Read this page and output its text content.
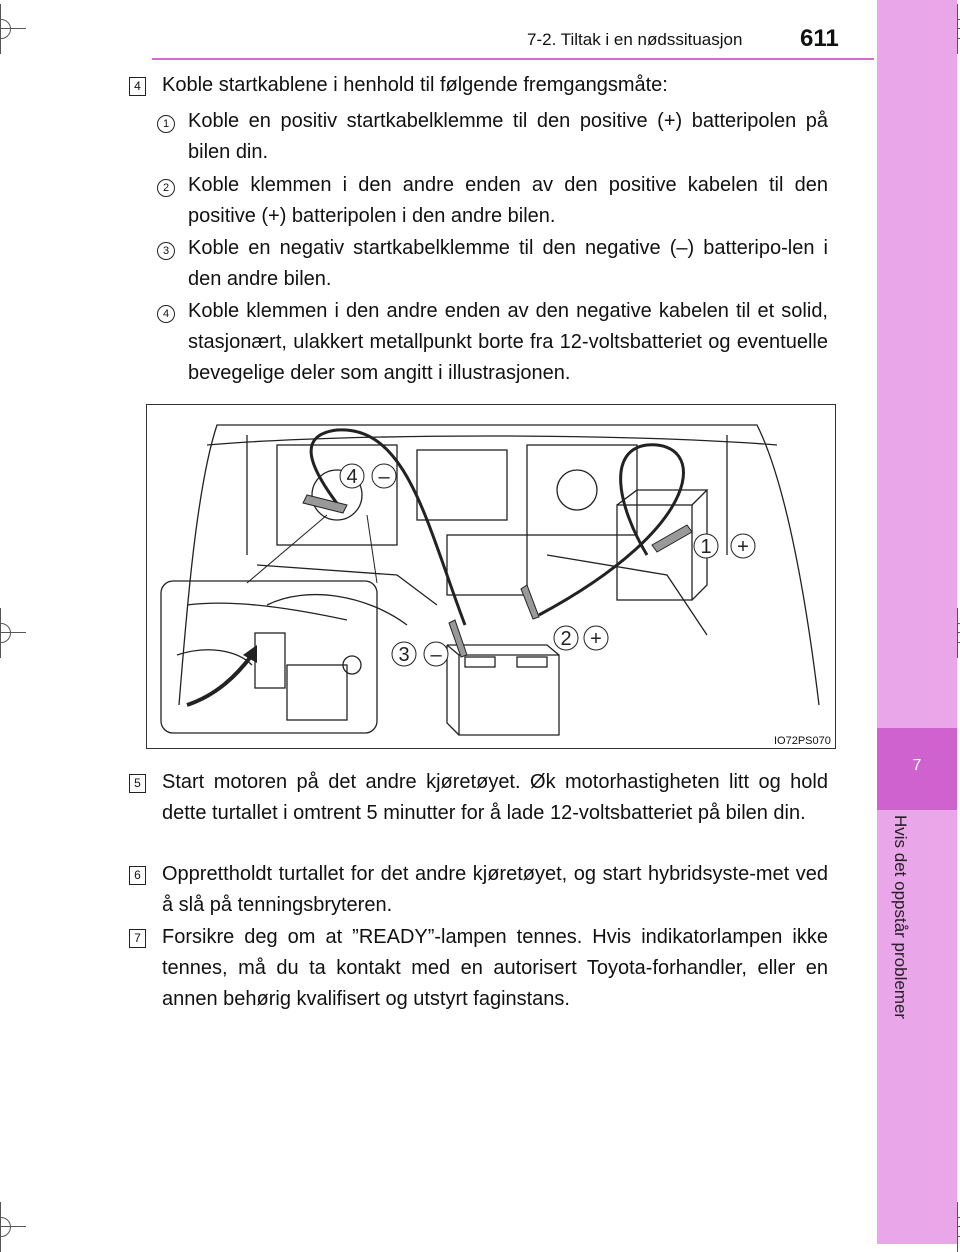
7-2. Tiltak i en nødssituasjon 611
7
Hvis det oppstår problemer
4 Koble startkablene i henhold til følgende fremgangsmåte:
1 Koble en positiv startkabelklemme til den positive (+) batteripolen på bilen din.
2 Koble klemmen i den andre enden av den positive kabelen til den positive (+) batteripolen i den andre bilen.
3 Koble en negativ startkabelklemme til den negative (–) batteripo-len i den andre bilen.
4 Koble klemmen i den andre enden av den negative kabelen til et solid, stasjonært, ulakkert metallpunkt borte fra 12-voltsbatteriet og eventuelle bevegelige deler som angitt i illustrasjonen.
1 +
2 +
3 –
4 –
IO72PS070
5 Start motoren på det andre kjøretøyet. Øk motorhastigheten litt og hold dette turtallet i omtrent 5 minutter for å lade 12-voltsbatteriet på bilen din.
6 Opprettholdt turtallet for det andre kjøretøyet, og start hybridsyste-met ved å slå på tenningsbryteren.
7 Forsikre deg om at ”READY”-lampen tennes. Hvis indikatorlampen ikke tennes, må du ta kontakt med en autorisert Toyota-forhandler, eller en annen behørig kvalifisert og utstyrt faginstans.
